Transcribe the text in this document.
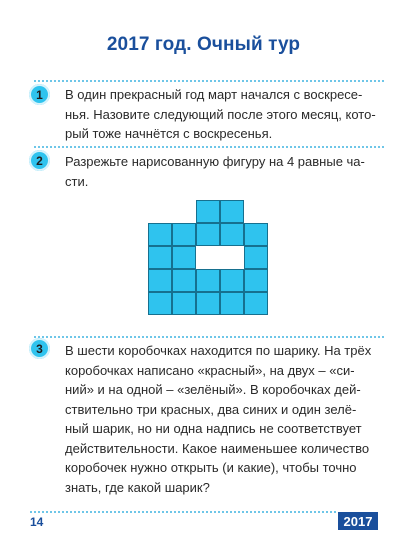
2017 год. Очный тур
1	В один прекрасный год март начался с воскресе-
нья. Назовите следующий после этого месяц, кото-
рый тоже начнётся с воскресенья.
2	Разрежьте нарисованную фигуру на 4 равные ча-
сти.
3	В шести коробочках находится по шарику. На трёх
коробочках написано «красный», на двух – «си-
ний» и на одной – «зелёный». В коробочках дей-
ствительно три красных, два синих и один зелё-
ный шарик, но ни одна надпись не соответствует
действительности. Какое наименьшее количество
коробочек нужно открыть (и какие), чтобы точно
знать, где какой шарик?
14	2017
